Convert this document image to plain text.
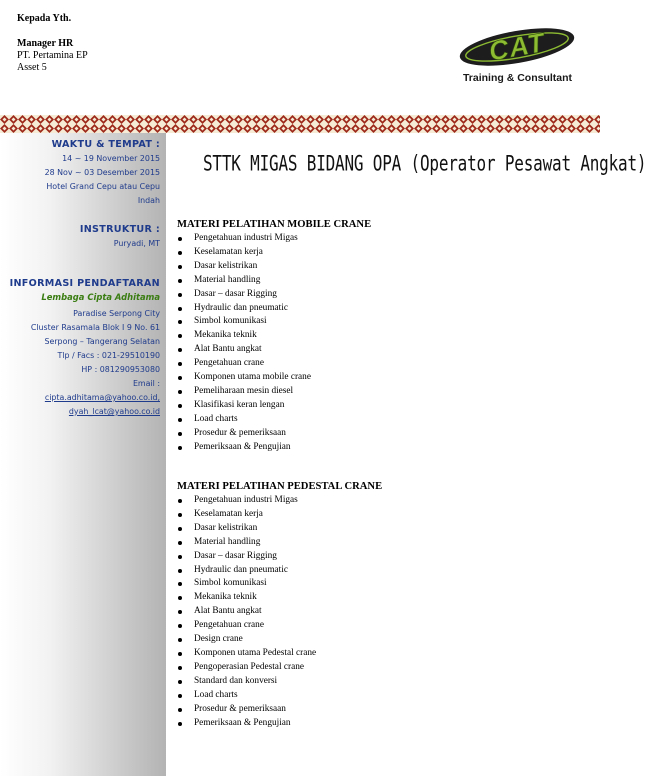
Kepada Yth.
Manager HR
PT. Pertamina EP
Asset 5
CAT
Training & Consultant
WAKTU & TEMPAT :
14 ~ 19 November 2015
28 Nov ~ 03 Desember 2015
Hotel Grand Cepu atau Cepu
Indah
INSTRUKTUR :
Puryadi, MT
INFORMASI PENDAFTARAN
Lembaga Cipta Adhitama
Paradise Serpong City
Cluster Rasamala Blok I 9 No. 61
Serpong – Tangerang Selatan
Tlp / Facs : 021-29510190
HP : 081290953080
Email :
cipta.adhitama@yahoo.co.id,
dyah_lcat@yahoo.co.id
STTK MIGAS BIDANG OPA (Operator Pesawat Angkat)
MATERI PELATIHAN MOBILE CRANE
Pengetahuan industri Migas
Keselamatan kerja
Dasar kelistrikan
Material handling
Dasar – dasar Rigging
Hydraulic dan pneumatic
Simbol komunikasi
Mekanika teknik
Alat Bantu angkat
Pengetahuan crane
Komponen utama mobile crane
Pemeliharaan mesin diesel
Klasifikasi keran lengan
Load charts
Prosedur & pemeriksaan
Pemeriksaan & Pengujian
MATERI PELATIHAN PEDESTAL CRANE
Pengetahuan industri Migas
Keselamatan kerja
Dasar kelistrikan
Material handling
Dasar – dasar Rigging
Hydraulic dan pneumatic
Simbol komunikasi
Mekanika teknik
Alat Bantu angkat
Pengetahuan crane
Design crane
Komponen utama Pedestal crane
Pengoperasian Pedestal crane
Standard dan konversi
Load charts
Prosedur & pemeriksaan
Pemeriksaan & Pengujian
